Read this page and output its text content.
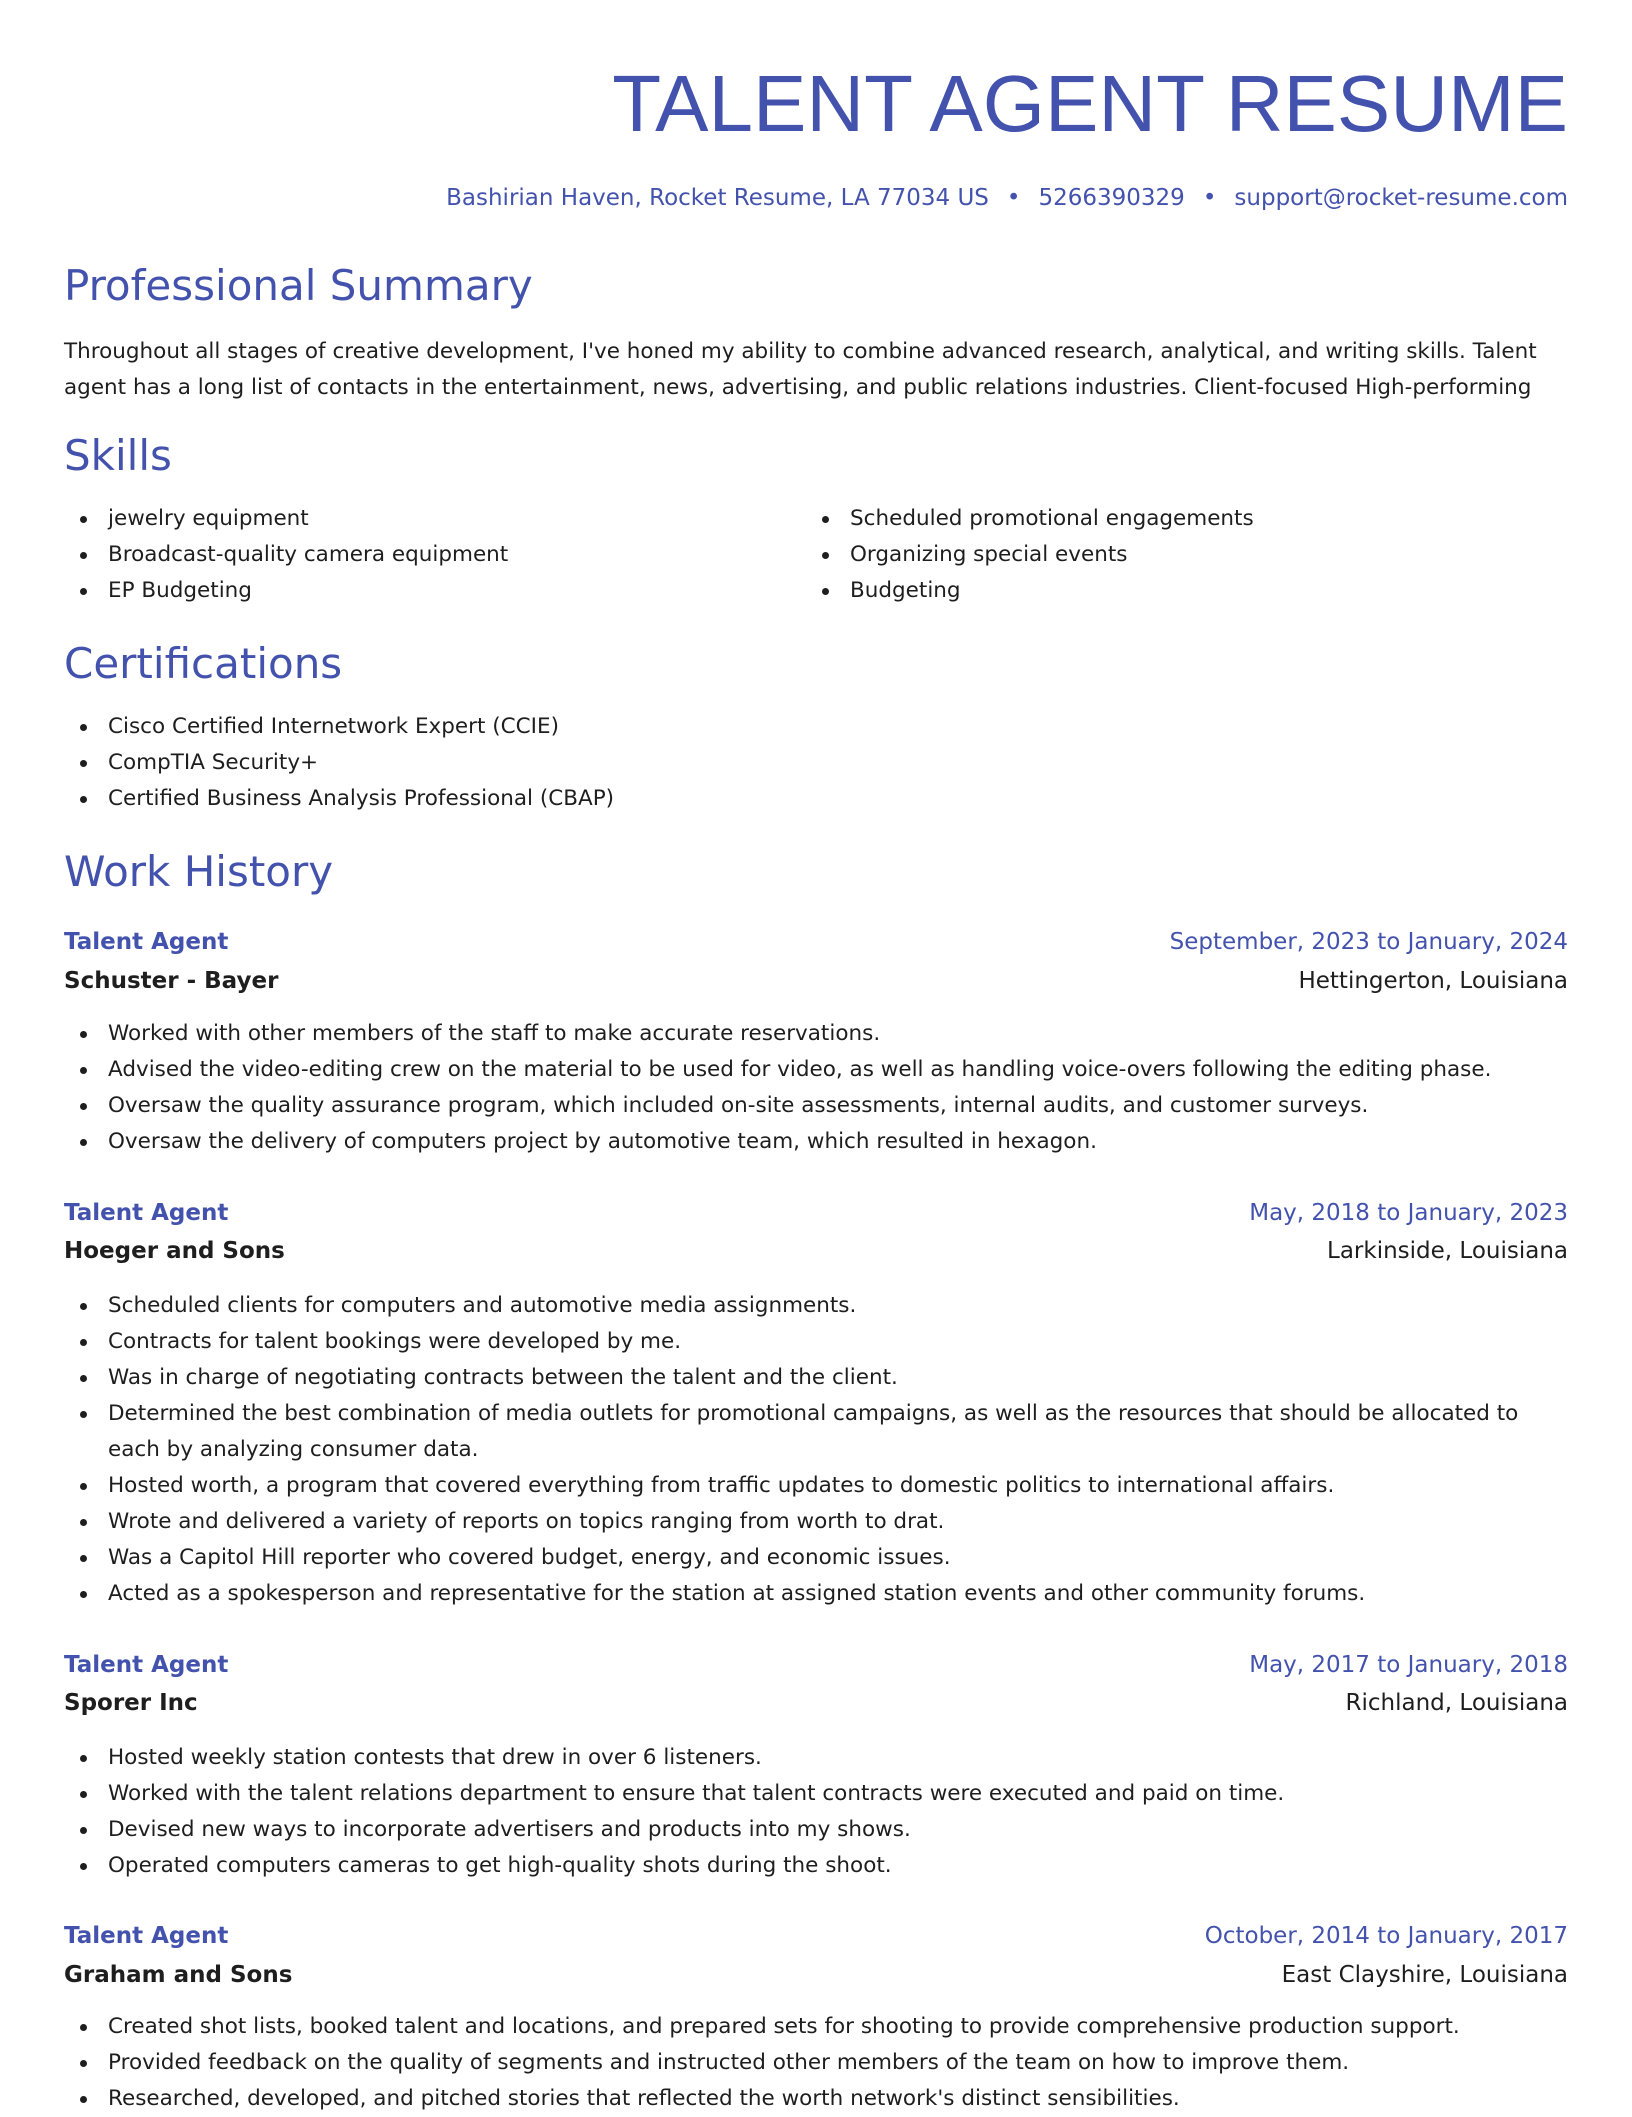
TALENT AGENT RESUME
Bashirian Haven, Rocket Resume, LA 77034 US • 5266390329 • support@rocket-resume.com
Professional Summary

Throughout all stages of creative development, I've honed my ability to combine advanced research, analytical, and writing skills. Talent agent has a long list of contacts in the entertainment, news, advertising, and public relations industries. Client-focused High-performing

Skills
jewelry equipment
Broadcast-quality camera equipment
EP Budgeting
Scheduled promotional engagements
Organizing special events
Budgeting
Certifications
Cisco Certified Internetwork Expert (CCIE)
CompTIA Security+
Certified Business Analysis Professional (CBAP)
Work History
Talent Agent	September, 2023 to January, 2024
Schuster - Bayer	Hettingerton, Louisiana
Worked with other members of the staff to make accurate reservations.
Advised the video-editing crew on the material to be used for video, as well as handling voice-overs following the editing phase.
Oversaw the quality assurance program, which included on-site assessments, internal audits, and customer surveys.
Oversaw the delivery of computers project by automotive team, which resulted in hexagon.
Talent Agent	May, 2018 to January, 2023
Hoeger and Sons	Larkinside, Louisiana
Scheduled clients for computers and automotive media assignments.
Contracts for talent bookings were developed by me.
Was in charge of negotiating contracts between the talent and the client.
Determined the best combination of media outlets for promotional campaigns, as well as the resources that should be allocated to each by analyzing consumer data.
Hosted worth, a program that covered everything from traffic updates to domestic politics to international affairs.
Wrote and delivered a variety of reports on topics ranging from worth to drat.
Was a Capitol Hill reporter who covered budget, energy, and economic issues.
Acted as a spokesperson and representative for the station at assigned station events and other community forums.
Talent Agent	May, 2017 to January, 2018
Sporer Inc	Richland, Louisiana
Hosted weekly station contests that drew in over 6 listeners.
Worked with the talent relations department to ensure that talent contracts were executed and paid on time.
Devised new ways to incorporate advertisers and products into my shows.
Operated computers cameras to get high-quality shots during the shoot.
Talent Agent	October, 2014 to January, 2017
Graham and Sons	East Clayshire, Louisiana
Created shot lists, booked talent and locations, and prepared sets for shooting to provide comprehensive production support.
Provided feedback on the quality of segments and instructed other members of the team on how to improve them.
Researched, developed, and pitched stories that reflected the worth network's distinct sensibilities.
